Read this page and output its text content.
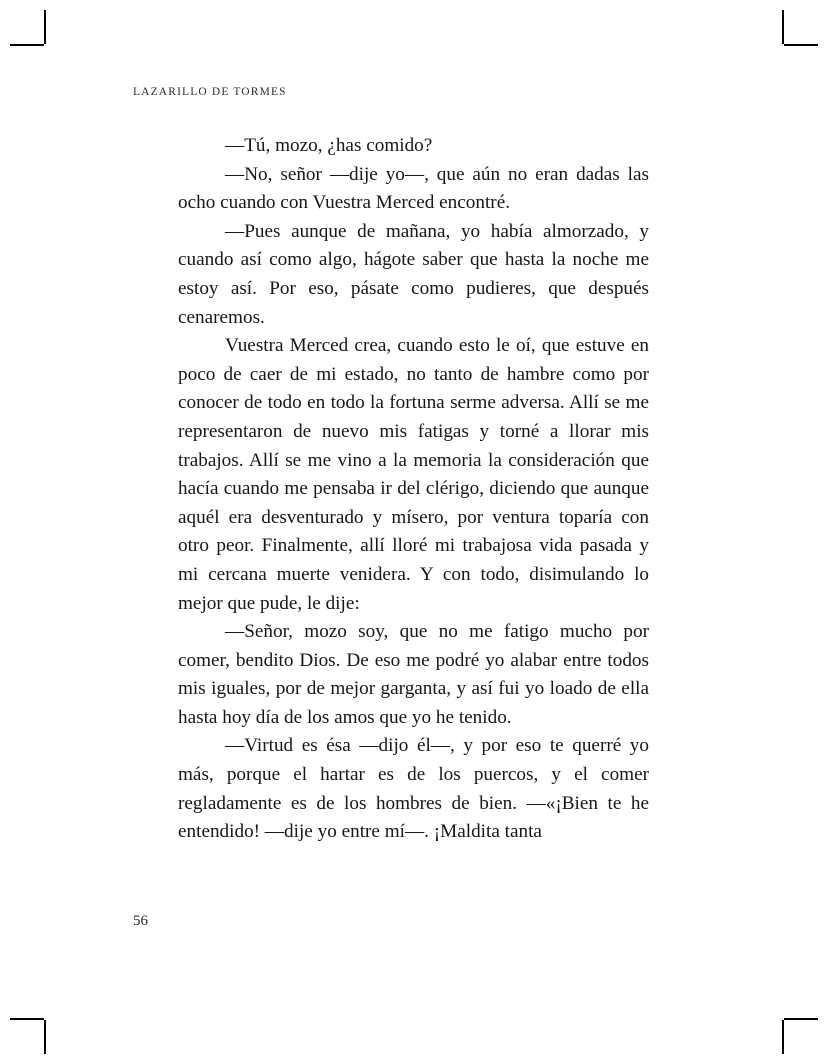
LAZARILLO DE TORMES

—Tú, mozo, ¿has comido?

—No, señor —dije yo—, que aún no eran dadas las ocho cuando con Vuestra Merced encontré.

—Pues aunque de mañana, yo había almorzado, y cuando así como algo, hágote saber que hasta la noche me estoy así. Por eso, pásate como pudieres, que después cenaremos.

Vuestra Merced crea, cuando esto le oí, que estuve en poco de caer de mi estado, no tanto de hambre como por conocer de todo en todo la fortuna serme adversa. Allí se me representaron de nuevo mis fatigas y torné a llorar mis trabajos. Allí se me vino a la memoria la consideración que hacía cuando me pensaba ir del clérigo, diciendo que aunque aquél era desventurado y mísero, por ventura toparía con otro peor. Finalmente, allí lloré mi trabajosa vida pasada y mi cercana muerte venidera. Y con todo, disimulando lo mejor que pude, le dije:

—Señor, mozo soy, que no me fatigo mucho por comer, bendito Dios. De eso me podré yo alabar entre todos mis iguales, por de mejor garganta, y así fui yo loado de ella hasta hoy día de los amos que yo he tenido.

—Virtud es ésa —dijo él—, y por eso te querré yo más, porque el hartar es de los puercos, y el comer regladamente es de los hombres de bien. —«¡Bien te he entendido! —dije yo entre mí—. ¡Maldita tanta

56
